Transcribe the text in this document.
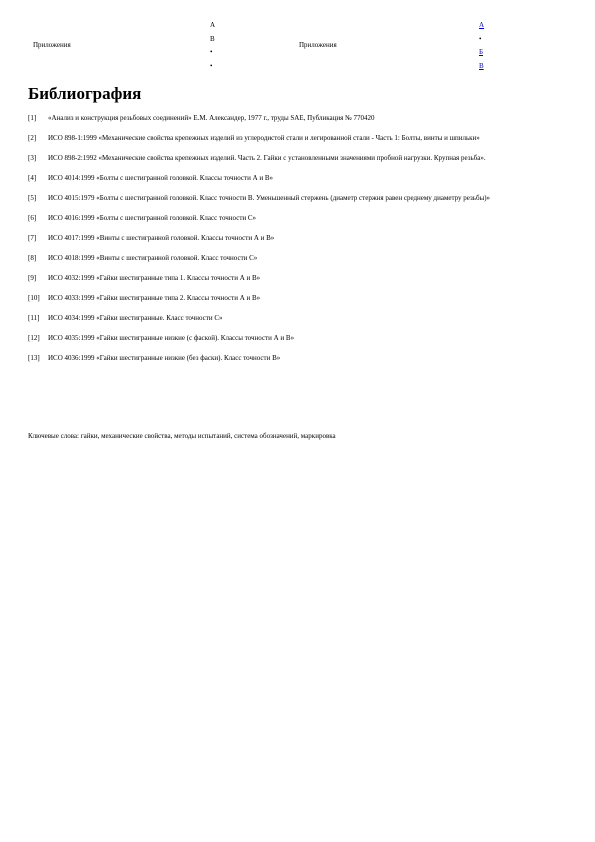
Приложения
А
В
•
•
Приложения
А
•
Б
В
Библиография

[1] «Анализ и конструкция резьбовых соединений» Е.М. Александер, 1977 г., труды SAE, Публикация № 770420

[2] ИСО 898-1:1999 «Механические свойства крепежных изделий из углеродистой стали и легированной стали - Часть 1: Болты, винты и шпильки»

[3] ИСО 898-2:1992 «Механические свойства крепежных изделий. Часть 2. Гайки с установленными значениями пробной нагрузки. Крупная резьба».

[4] ИСО 4014:1999 «Болты с шестигранной головкой. Классы точности А и В»

[5] ИСО 4015:1979 «Болты с шестигранной головкой. Класс точности В. Уменьшенный стержень (диаметр стержня равен среднему диаметру резьбы)»

[6] ИСО 4016:1999 «Болты с шестигранной головкой. Класс точности С»

[7] ИСО 4017:1999 «Винты с шестигранной головкой. Классы точности А и В»

[8] ИСО 4018:1999 «Винты с шестигранной головкой. Класс точности С»

[9] ИСО 4032:1999 «Гайки шестигранные типа 1. Классы точности А и В»

[10] ИСО 4033:1999 «Гайки шестигранные типа 2. Классы точности А и В»

[11] ИСО 4034:1999 «Гайки шестигранные. Класс точности С»

[12] ИСО 4035:1999 «Гайки шестигранные низкие (с фаской). Классы точности А и В»

[13] ИСО 4036:1999 «Гайки шестигранные низкие (без фаски). Класс точности В»

Ключевые слова: гайки, механические свойства, методы испытаний, система обозначений, маркировка
